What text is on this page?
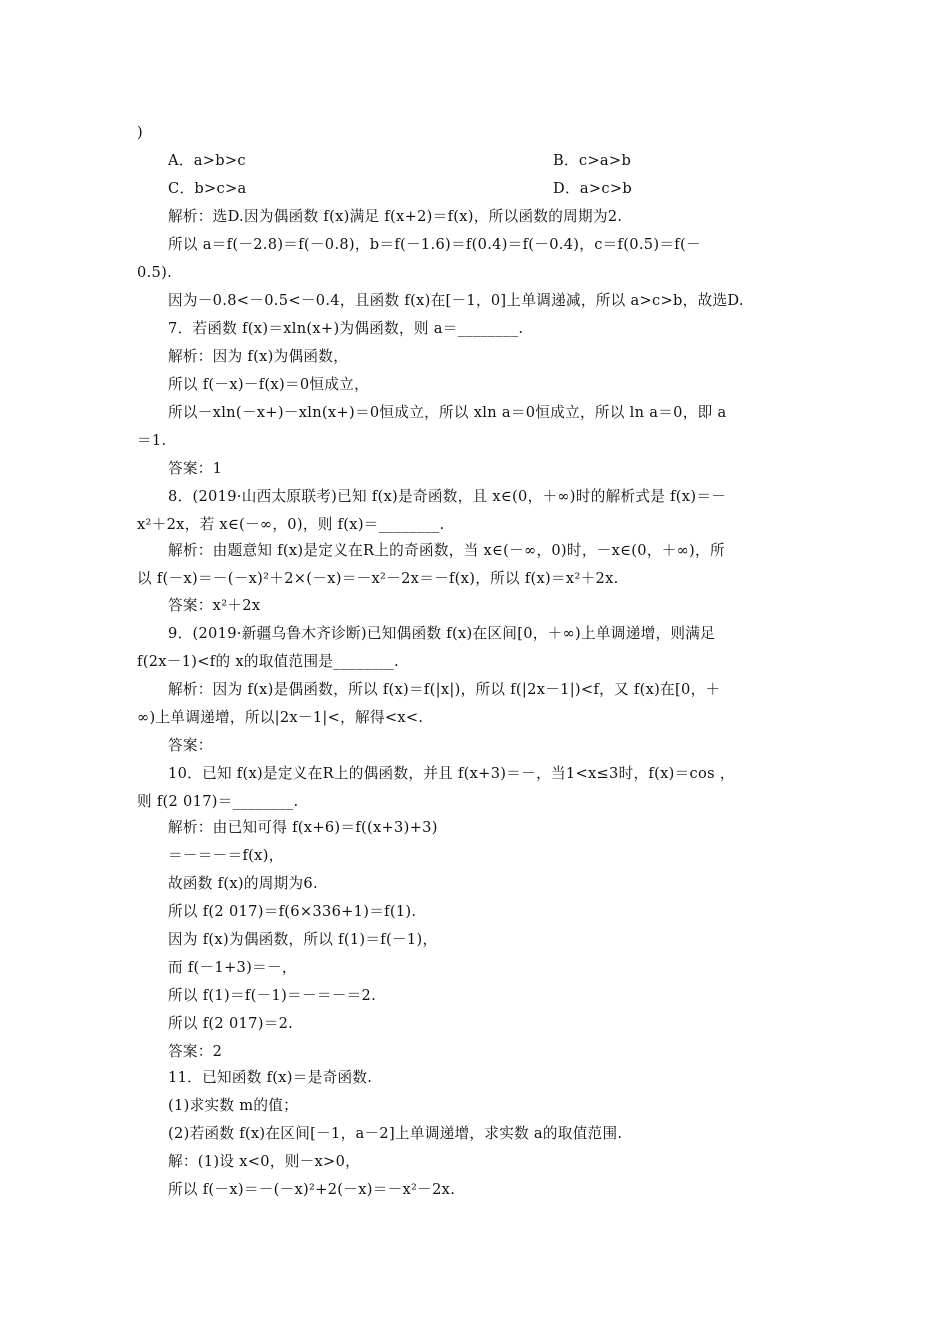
)
A．a>b>c	B．c>a>b
C．b>c>a	D．a>c>b
解析：选D.因为偶函数 f(x)满足 f(x+2)＝f(x)，所以函数的周期为2.
所以 a＝f(－2.8)＝f(－0.8)，b＝f(－1.6)＝f(0.4)＝f(－0.4)，c＝f(0.5)＝f(－
0.5).
因为－0.8<－0.5<－0.4，且函数 f(x)在[－1，0]上单调递减，所以 a>c>b，故选D.
7．若函数 f(x)＝xln(x+)为偶函数，则 a＝________.
解析：因为 f(x)为偶函数，
所以 f(－x)－f(x)＝0恒成立，
所以－xln(－x+)－xln(x+)＝0恒成立，所以 xln a＝0恒成立，所以 ln a＝0，即 a
＝1.
答案：1
8．(2019·山西太原联考)已知 f(x)是奇函数，且 x∈(0，＋∞)时的解析式是 f(x)＝－
x²＋2x，若 x∈(－∞，0)，则 f(x)＝________.
解析：由题意知 f(x)是定义在R上的奇函数，当 x∈(－∞，0)时，－x∈(0，＋∞)，所
以 f(－x)＝－(－x)²＋2×(－x)＝－x²－2x＝－f(x)，所以 f(x)＝x²＋2x.
答案：x²＋2x
9．(2019·新疆乌鲁木齐诊断)已知偶函数 f(x)在区间[0，＋∞)上单调递增，则满足
f(2x－1)<f的 x的取值范围是________.
解析：因为 f(x)是偶函数，所以 f(x)＝f(|x|)，所以 f(|2x－1|)<f，又 f(x)在[0，＋
∞)上单调递增，所以|2x－1|<，解得<x<.
答案：
10．已知 f(x)是定义在R上的偶函数，并且 f(x+3)＝－，当1<x≤3时，f(x)＝cos ，
则 f(2 017)＝________.
解析：由已知可得 f(x+6)＝f((x+3)+3)
＝－＝－＝f(x)，
故函数 f(x)的周期为6.
所以 f(2 017)＝f(6×336+1)＝f(1).
因为 f(x)为偶函数，所以 f(1)＝f(－1)，
而 f(－1+3)＝－，
所以 f(1)＝f(－1)＝－＝－＝2.
所以 f(2 017)＝2.
答案：2
11．已知函数 f(x)＝是奇函数.
(1)求实数 m的值；
(2)若函数 f(x)在区间[－1，a－2]上单调递增，求实数 a的取值范围.
解：(1)设 x<0，则－x>0，
所以 f(－x)＝－(－x)²+2(－x)＝－x²－2x.
